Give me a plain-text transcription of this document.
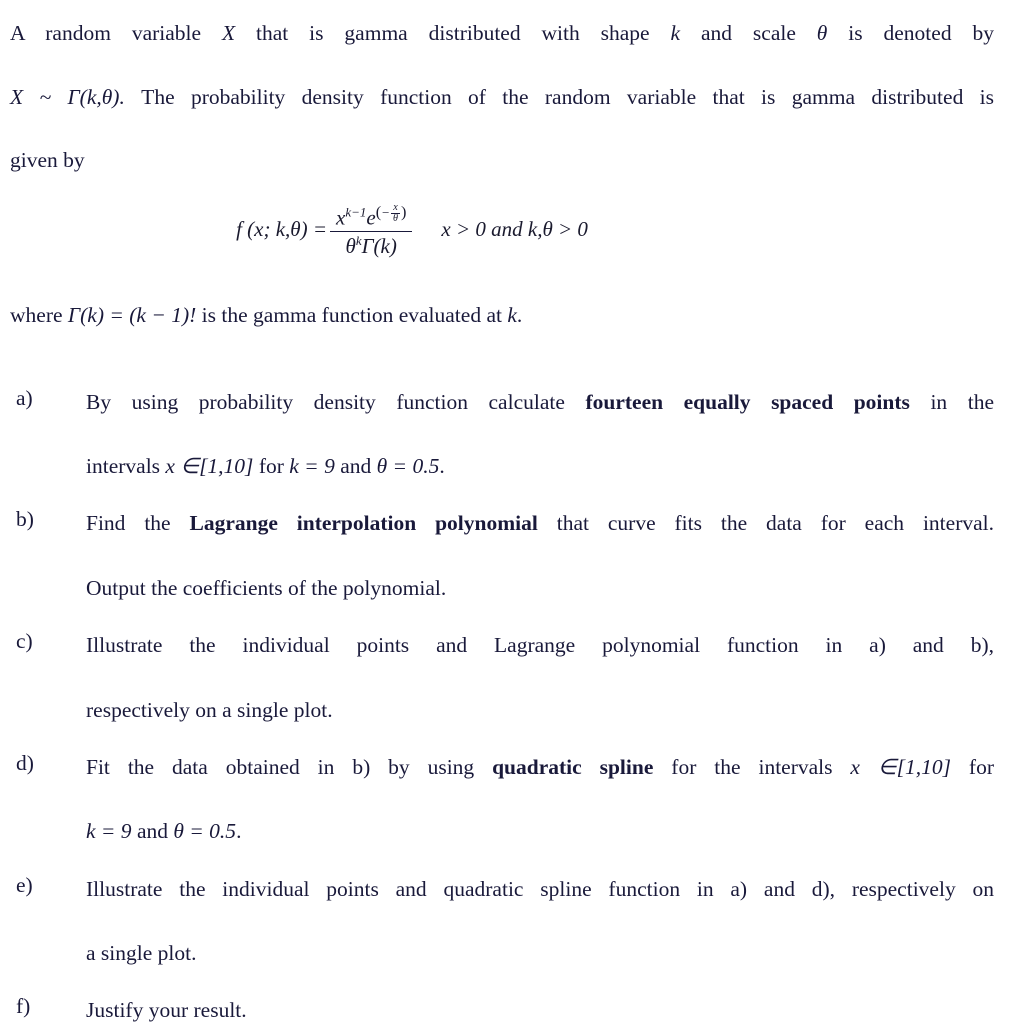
A random variable X that is gamma distributed with shape k and scale θ is denoted by
X ~ Γ(k,θ). The probability density function of the random variable that is gamma distributed is
given by
f (x; $k,\theta) = x^{k-1}e^{(- \frac{x}{\theta} )}$
$\theta^k\Gamma(k) x > 0$ and k,θ > 0
where Γ(k) = (k − 1)! is the gamma function evaluated at k.
a)	By using probability density function calculate fourteen equally spaced points in the
intervals x ∈[1,10] for k = 9 and θ = 0.5.
b)	Find the Lagrange interpolation polynomial that curve fits the data for each interval.
Output the coefficients of the polynomial.
c)	Illustrate the individual points and Lagrange polynomial function in a) and b),
respectively on a single plot.
d)	Fit the data obtained in b) by using quadratic spline for the intervals x ∈[1,10] for
k = 9 and θ = 0.5.
e)	Illustrate the individual points and quadratic spline function in a) and d), respectively on
a single plot.
f)	Justify your result.
